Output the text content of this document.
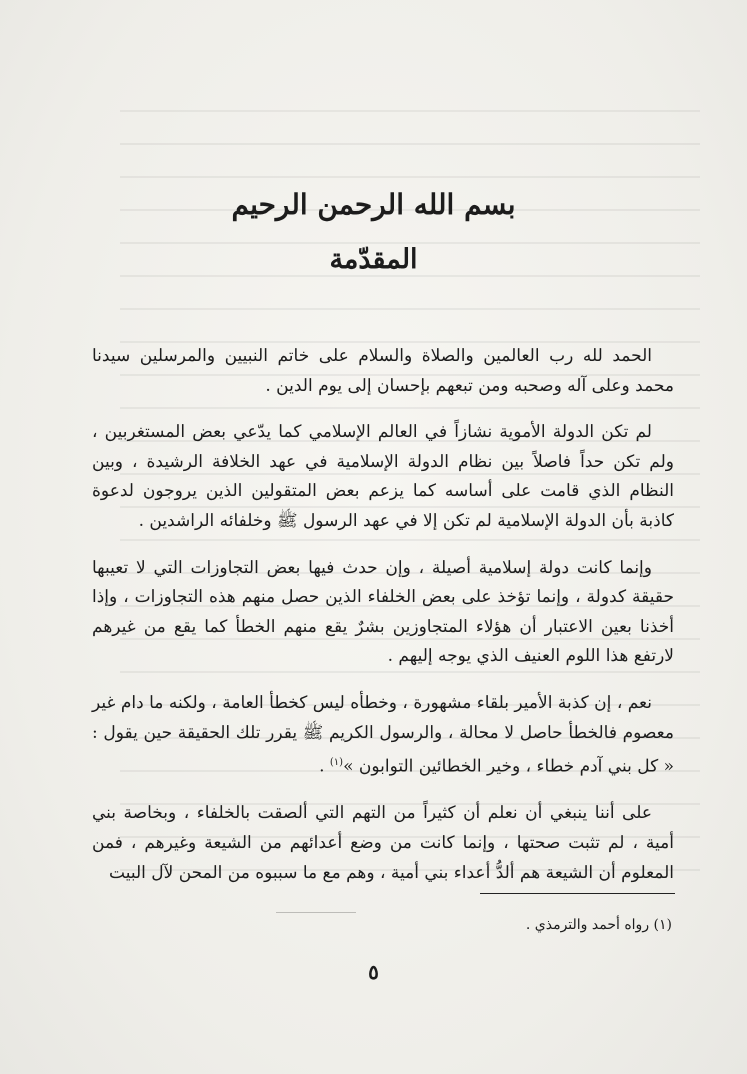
بسم الله الرحمن الرحيم
المقدّمة

الحمد لله رب العالمين والصلاة والسلام على خاتم النبيين والمرسلين سيدنا محمد وعلى آله وصحبه ومن تبعهم بإحسان إلى يوم الدين .

لم تكن الدولة الأموية نشازاً في العالم الإسلامي كما يدّعي بعض المستغربين ، ولم تكن حداً فاصلاً بين نظام الدولة الإسلامية في عهد الخلافة الرشيدة ، وبين النظام الذي قامت على أساسه كما يزعم بعض المتقولين الذين يروجون لدعوة كاذبة بأن الدولة الإسلامية لم تكن إلا في عهد الرسول ﷺ وخلفائه الراشدين .

وإنما كانت دولة إسلامية أصيلة ، وإن حدث فيها بعض التجاوزات التي لا تعيبها حقيقة كدولة ، وإنما تؤخذ على بعض الخلفاء الذين حصل منهم هذه التجاوزات ، وإذا أخذنا بعين الاعتبار أن هؤلاء المتجاوزين بشرٌ يقع منهم الخطأ كما يقع من غيرهم لارتفع هذا اللوم العنيف الذي يوجه إليهم .

نعم ، إن كذبة الأمير بلقاء مشهورة ، وخطأه ليس كخطأ العامة ، ولكنه ما دام غير معصوم فالخطأ حاصل لا محالة ، والرسول الكريم ﷺ يقرر تلك الحقيقة حين يقول : « كل بني آدم خطاء ، وخير الخطائين التوابون »$^{(١)}$ .

على أننا ينبغي أن نعلم أن كثيراً من التهم التي ألصقت بالخلفاء ، وبخاصة بني أمية ، لم تثبت صحتها ، وإنما كانت من وضع أعدائهم من الشيعة وغيرهم ، فمن المعلوم أن الشيعة هم ألدُّ أعداء بني أمية ، وهم مع ما سببوه من المحن لآل البيت

(١) رواه أحمد والترمذي .
٥
